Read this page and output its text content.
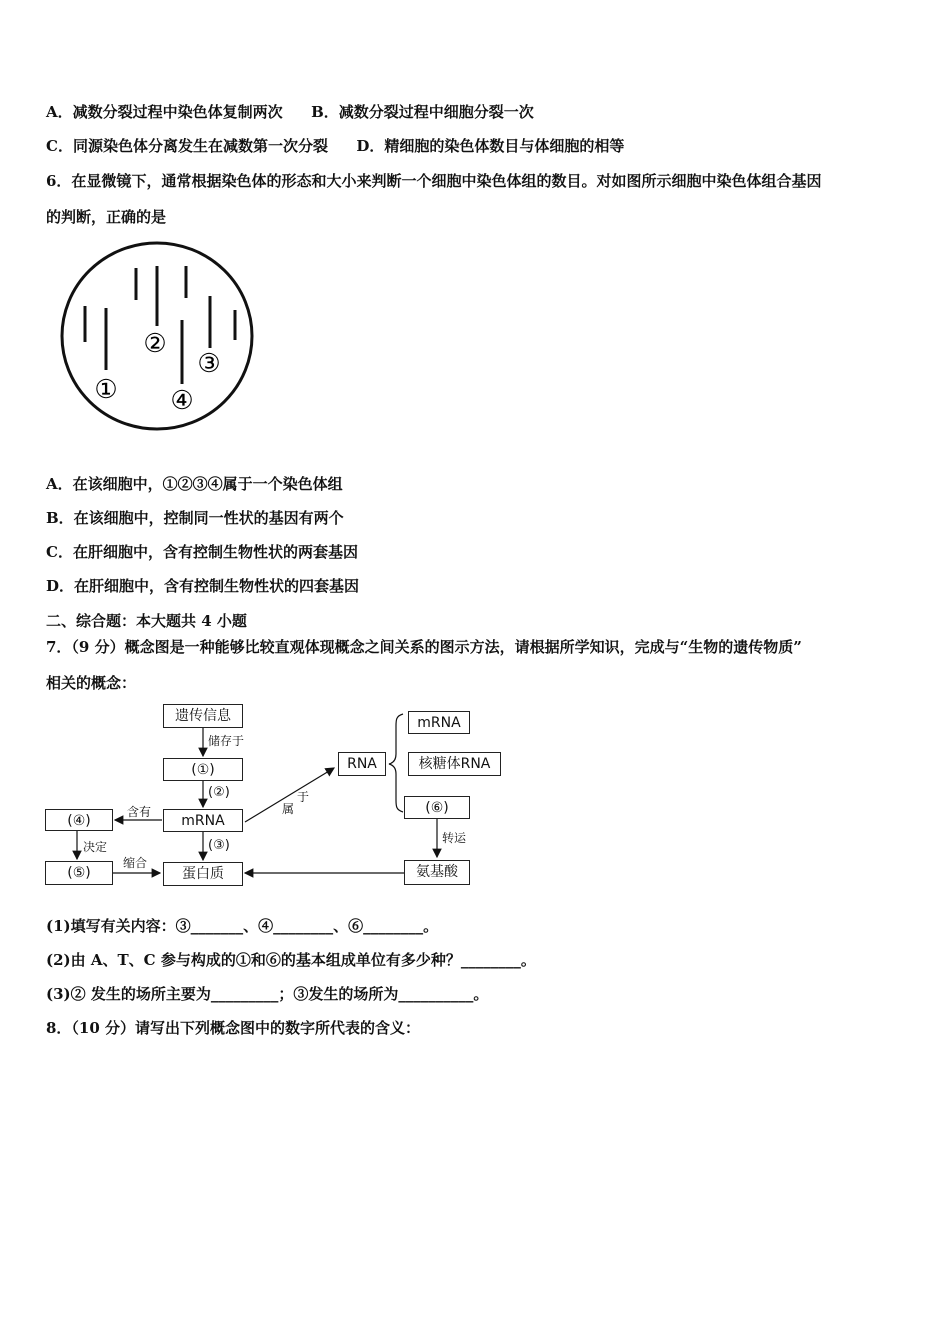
A．减数分裂过程中染色体复制两次 B．减数分裂过程中细胞分裂一次
C．同源染色体分离发生在减数第一次分裂 D．精细胞的染色体数目与体细胞的相等
6．在显微镜下，通常根据染色体的形态和大小来判断一个细胞中染色体组的数目。对如图所示细胞中染色体组合基因
的判断，正确的是
①
②
③
④
A．在该细胞中，①②③④属于一个染色体组
B．在该细胞中，控制同一性状的基因有两个
C．在肝细胞中，含有控制生物性状的两套基因
D．在肝细胞中，含有控制生物性状的四套基因
二、综合题：本大题共 4 小题
7．（9 分）概念图是一种能够比较直观体现概念之间关系的图示方法，请根据所学知识，完成与“生物的遗传物质”
相关的概念：
遗传信息
储存于
(①)
(②)
mRNA
含有
(④)
决定
(⑤)
缩合
(③)
蛋白质
属
于
RNA
mRNA
核糖体RNA
(⑥)
转运
氨基酸
(1)填写有关内容：③_______、④________、⑥________。
(2)由 A、T、C 参与构成的①和⑥的基本组成单位有多少种？________。
(3)② 发生的场所主要为_________；③发生的场所为__________。
8．（10 分）请写出下列概念图中的数字所代表的含义：
